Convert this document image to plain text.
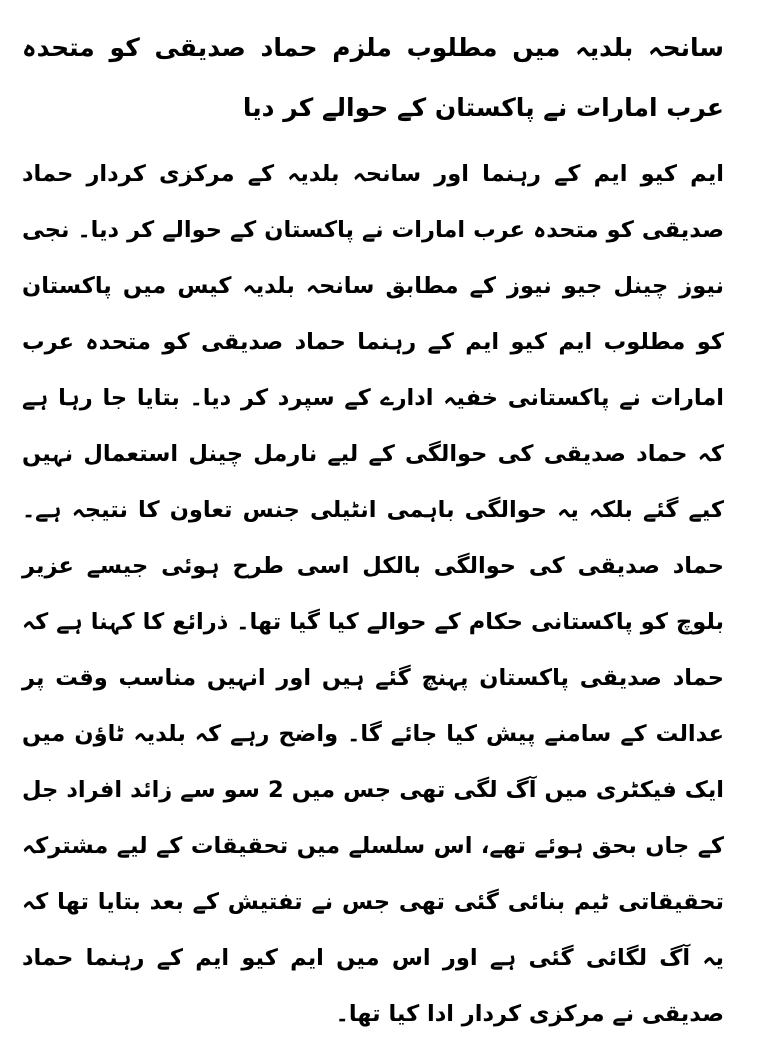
سانحہ بلدیہ میں مطلوب ملزم حماد صدیقی کو متحدہ عرب امارات نے پاکستان کے حوالے کر دیا

ایم کیو ایم کے رہنما اور سانحہ بلدیہ کے مرکزی کردار حماد صدیقی کو متحدہ عرب امارات نے پاکستان کے حوالے کر دیا۔ نجی نیوز چینل جیو نیوز کے مطابق سانحہ بلدیہ کیس میں پاکستان کو مطلوب ایم کیو ایم کے رہنما حماد صدیقی کو متحدہ عرب امارات نے پاکستانی خفیہ ادارے کے سپرد کر دیا۔ بتایا جا رہا ہے کہ حماد صدیقی کی حوالگی کے لیے نارمل چینل استعمال نہیں کیے گئے بلکہ یہ حوالگی باہمی انٹیلی جنس تعاون کا نتیجہ ہے۔ حماد صدیقی کی حوالگی بالکل اسی طرح ہوئی جیسے عزیر بلوچ کو پاکستانی حکام کے حوالے کیا گیا تھا۔ ذرائع کا کہنا ہے کہ حماد صدیقی پاکستان پہنچ گئے ہیں اور انہیں مناسب وقت پر عدالت کے سامنے پیش کیا جائے گا۔ واضح رہے کہ بلدیہ ٹاؤن میں ایک فیکٹری میں آگ لگی تھی جس میں 2 سو سے زائد افراد جل کے جاں بحق ہوئے تھے، اس سلسلے میں تحقیقات کے لیے مشترکہ تحقیقاتی ٹیم بنائی گئی تھی جس نے تفتیش کے بعد بتایا تھا کہ یہ آگ لگائی گئی ہے اور اس میں ایم کیو ایم کے رہنما حماد صدیقی نے مرکزی کردار ادا کیا تھا۔
